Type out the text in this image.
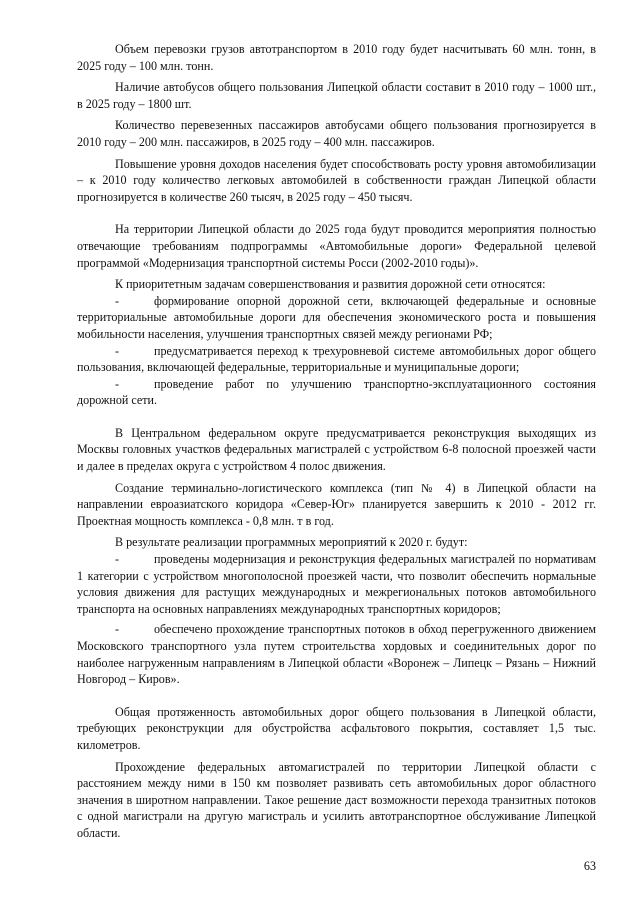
Объем перевозки грузов автотранспортом в 2010 году будет насчитывать 60 млн. тонн, в 2025 году – 100 млн. тонн.

Наличие автобусов общего пользования Липецкой области составит в 2010 году – 1000 шт., в 2025 году – 1800 шт.

Количество перевезенных пассажиров автобусами общего пользования прогнозируется в 2010 году – 200 млн. пассажиров, в 2025 году – 400 млн. пассажиров.

Повышение уровня доходов населения будет способствовать росту уровня автомобилизации – к 2010 году количество легковых автомобилей в собственности граждан Липецкой области прогнозируется в количестве 260 тысяч, в 2025 году – 450 тысяч.

На территории Липецкой области до 2025 года будут проводится мероприятия полностью отвечающие требованиям подпрограммы «Автомобильные дороги» Федеральной целевой программой «Модернизация транспортной системы Росси (2002-2010 годы)».

К приоритетным задачам совершенствования и развития дорожной сети относятся:

-	формирование опорной дорожной сети, включающей федеральные и основные территориальные автомобильные дороги для обеспечения экономического роста и повышения мобильности населения, улучшения транспортных связей между регионами РФ;

-	предусматривается переход к трехуровневой системе автомобильных дорог общего пользования, включающей федеральные, территориальные и муниципальные дороги;

-	проведение работ по улучшению транспортно-эксплуатационного состояния дорожной сети.

В Центральном федеральном округе предусматривается реконструкция выходящих из Москвы головных участков федеральных магистралей с устройством 6-8 полосной проезжей части и далее в пределах округа с устройством 4 полос движения.

Создание терминально-логистического комплекса (тип № 4) в Липецкой области на направлении евроазиатского коридора «Север-Юг» планируется завершить к 2010 - 2012 гг. Проектная мощность комплекса - 0,8 млн. т в год.

В результате реализации программных мероприятий к 2020 г. будут:

-	проведены модернизация и реконструкция федеральных магистралей по нормативам 1 категории с устройством многополосной проезжей части, что позволит обеспечить нормальные условия движения для растущих международных и межрегиональных потоков автомобильного транспорта на основных направлениях международных транспортных коридоров;

-	обеспечено прохождение транспортных потоков в обход перегруженного движением Московского транспортного узла путем строительства хордовых и соединительных дорог по наиболее нагруженным направлениям в Липецкой области «Воронеж – Липецк – Рязань – Нижний Новгород – Киров».

Общая протяженность автомобильных дорог общего пользования в Липецкой области, требующих реконструкции для обустройства асфальтового покрытия, составляет 1,5 тыс. километров.

Прохождение федеральных автомагистралей по территории Липецкой области с расстоянием между ними в 150 км позволяет развивать сеть автомобильных дорог областного значения в широтном направлении. Такое решение даст возможности перехода транзитных потоков с одной магистрали на другую магистраль и усилить автотранспортное обслуживание Липецкой области.

63
